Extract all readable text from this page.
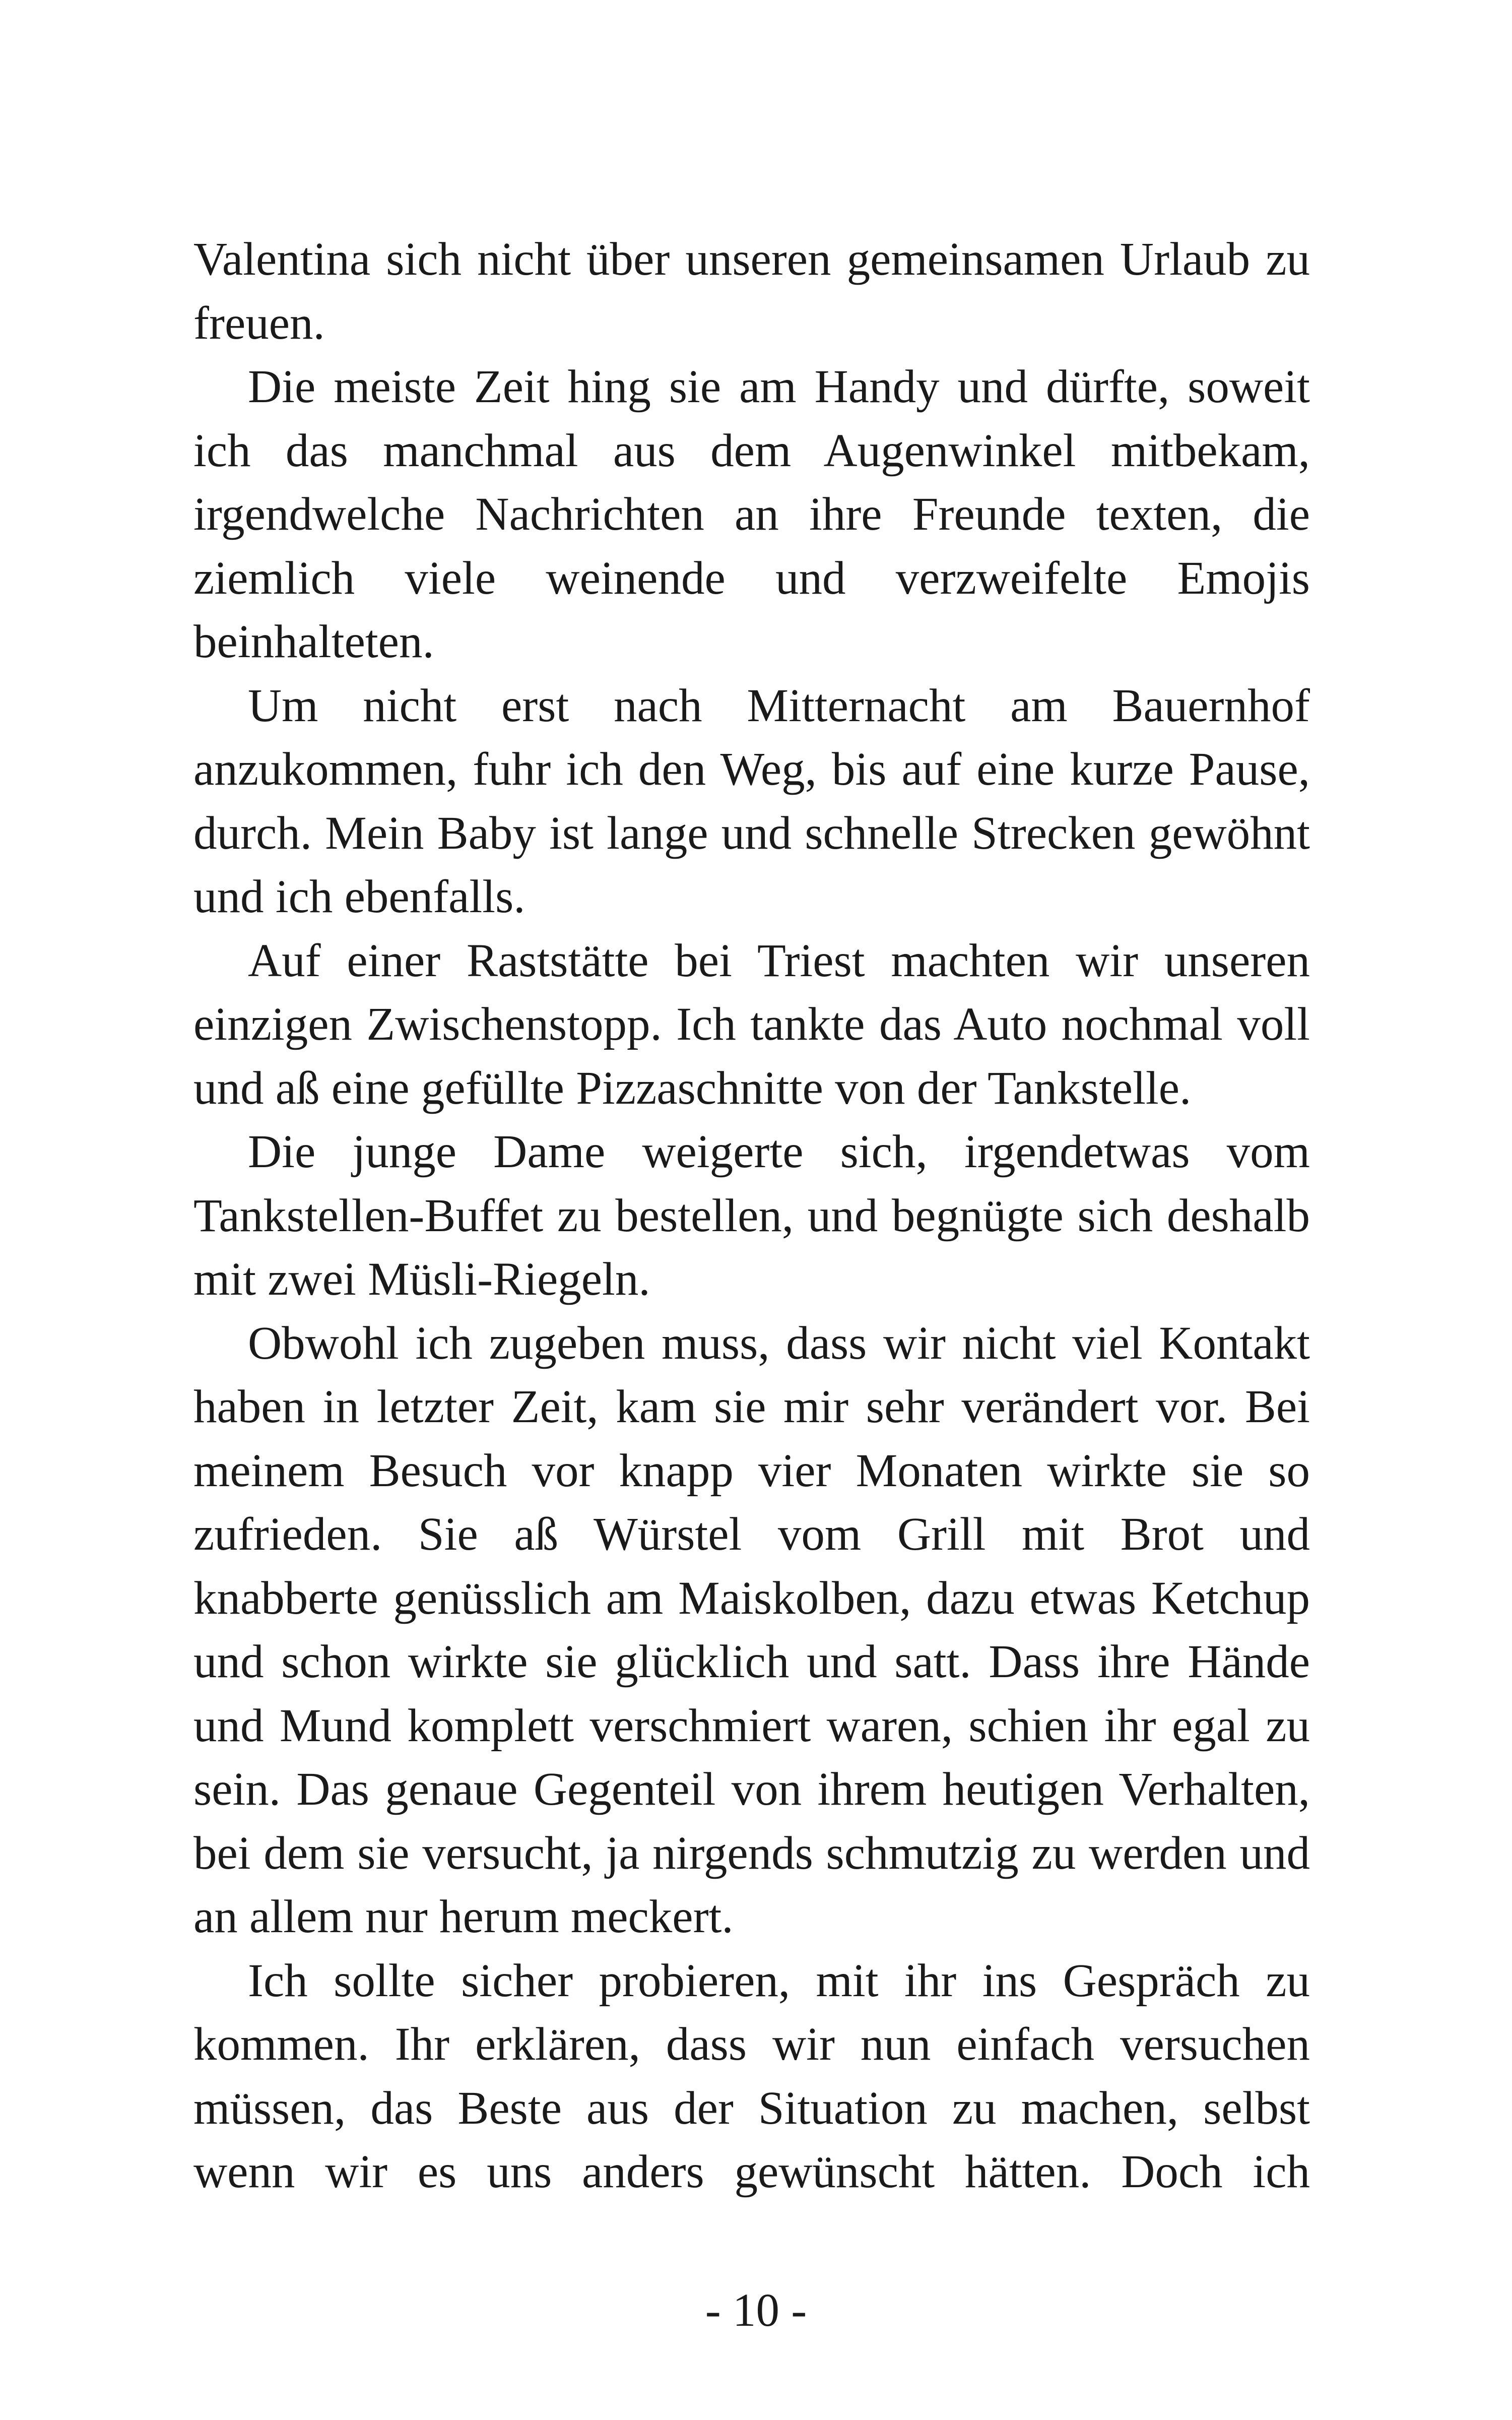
Valentina sich nicht über unseren gemeinsamen Urlaub zu freuen.

Die meiste Zeit hing sie am Handy und dürfte, soweit ich das manchmal aus dem Augenwinkel mitbekam, irgendwelche Nachrichten an ihre Freunde texten, die ziemlich viele weinende und verzweifelte Emojis beinhalteten.

Um nicht erst nach Mitternacht am Bauernhof anzukommen, fuhr ich den Weg, bis auf eine kurze Pause, durch. Mein Baby ist lange und schnelle Strecken gewöhnt und ich ebenfalls.

Auf einer Raststätte bei Triest machten wir unseren einzigen Zwischenstopp. Ich tankte das Auto nochmal voll und aß eine gefüllte Pizzaschnitte von der Tankstelle.

Die junge Dame weigerte sich, irgendetwas vom Tankstellen-Buffet zu bestellen, und begnügte sich deshalb mit zwei Müsli-Riegeln.

Obwohl ich zugeben muss, dass wir nicht viel Kontakt haben in letzter Zeit, kam sie mir sehr verändert vor. Bei meinem Besuch vor knapp vier Monaten wirkte sie so zufrieden. Sie aß Würstel vom Grill mit Brot und knabberte genüsslich am Maiskolben, dazu etwas Ketchup und schon wirkte sie glücklich und satt. Dass ihre Hände und Mund komplett verschmiert waren, schien ihr egal zu sein. Das genaue Gegenteil von ihrem heutigen Verhalten, bei dem sie versucht, ja nirgends schmutzig zu werden und an allem nur herum meckert.

Ich sollte sicher probieren, mit ihr ins Gespräch zu kommen. Ihr erklären, dass wir nun einfach versuchen müssen, das Beste aus der Situation zu machen, selbst wenn wir es uns anders gewünscht hätten. Doch ich

- 10 -
